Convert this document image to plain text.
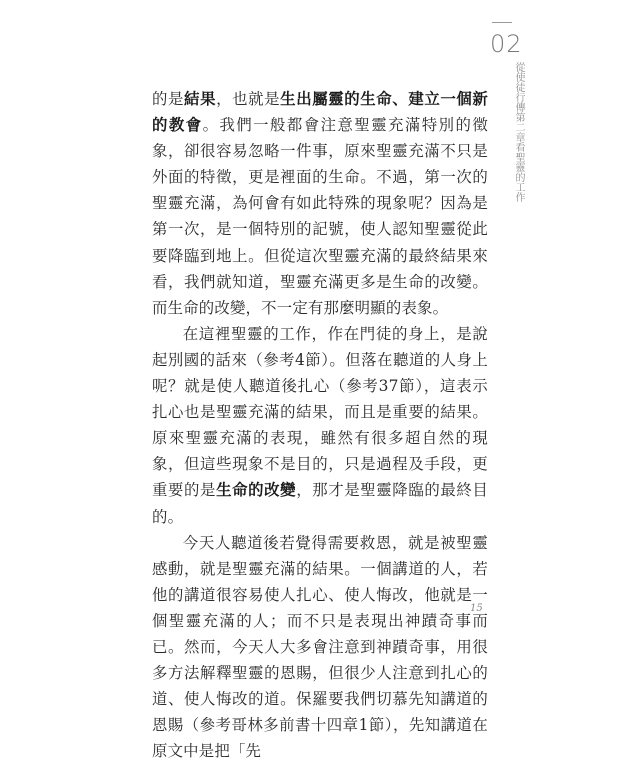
02
從使徒行傳第二章看聖靈的工作

的是結果，也就是生出屬靈的生命、建立一個新的教會。我們一般都會注意聖靈充滿特別的徵象，卻很容易忽略一件事，原來聖靈充滿不只是外面的特徵，更是裡面的生命。不過，第一次的聖靈充滿，為何會有如此特殊的現象呢？因為是第一次，是一個特別的記號，使人認知聖靈從此要降臨到地上。但從這次聖靈充滿的最終結果來看，我們就知道，聖靈充滿更多是生命的改變。而生命的改變，不一定有那麼明顯的表象。

在這裡聖靈的工作，作在門徒的身上，是說起別國的話來（參考4節）。但落在聽道的人身上呢？就是使人聽道後扎心（參考37節），這表示扎心也是聖靈充滿的結果，而且是重要的結果。原來聖靈充滿的表現，雖然有很多超自然的現象，但這些現象不是目的，只是過程及手段，更重要的是生命的改變，那才是聖靈降臨的最終目的。

今天人聽道後若覺得需要救恩，就是被聖靈感動，就是聖靈充滿的結果。一個講道的人，若他的講道很容易使人扎心、使人悔改，他就是一個聖靈充滿的人；而不只是表現出神蹟奇事而已。然而，今天人大多會注意到神蹟奇事，用很多方法解釋聖靈的恩賜，但很少人注意到扎心的道、使人悔改的道。保羅要我們切慕先知講道的恩賜（參考哥林多前書十四章1節），先知講道在原文中是把「先

15
